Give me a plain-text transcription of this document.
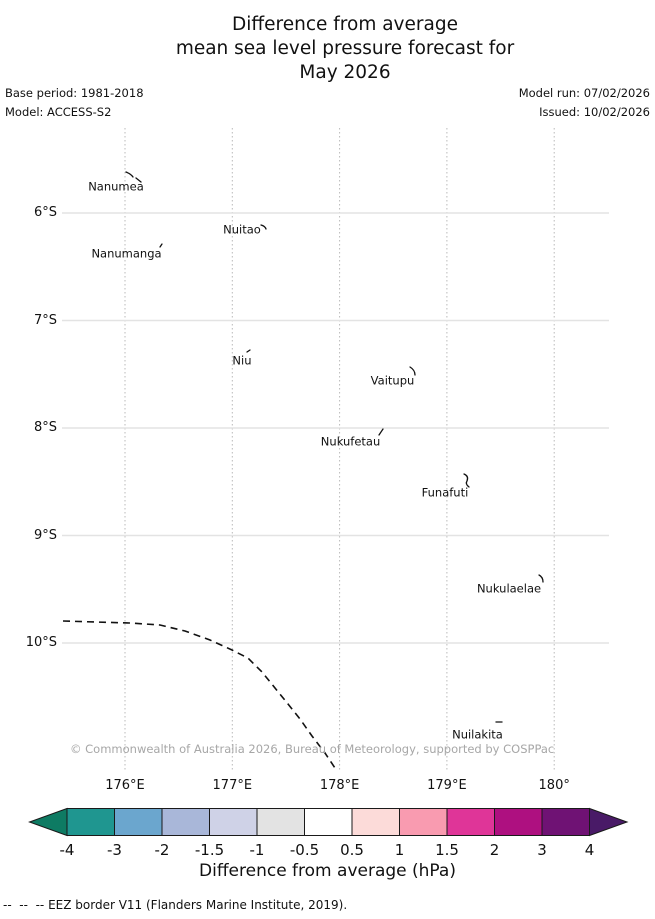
Difference from average
mean sea level pressure forecast for
May 2026
Base period: 1981-2018
Model: ACCESS-S2
Model run: 07/02/2026
Issued: 10/02/2026
6°S
7°S
8°S
9°S
10°S
176°E	177°E	178°E	179°E	180°
Nanumea
Nuitao
Nanumanga
Niu
Vaitupu
Nukufetau
Funafuti
Nukulaelae
Nuilakita
© Commonwealth of Australia 2026, Bureau of Meteorology, supported by COSPPac
-4 -3 -2 -1.5 -1 -0.5 0.5 1 1.5 2	3	4
Difference from average (hPa)
--  --  -- EEZ border V11 (Flanders Marine Institute, 2019).
